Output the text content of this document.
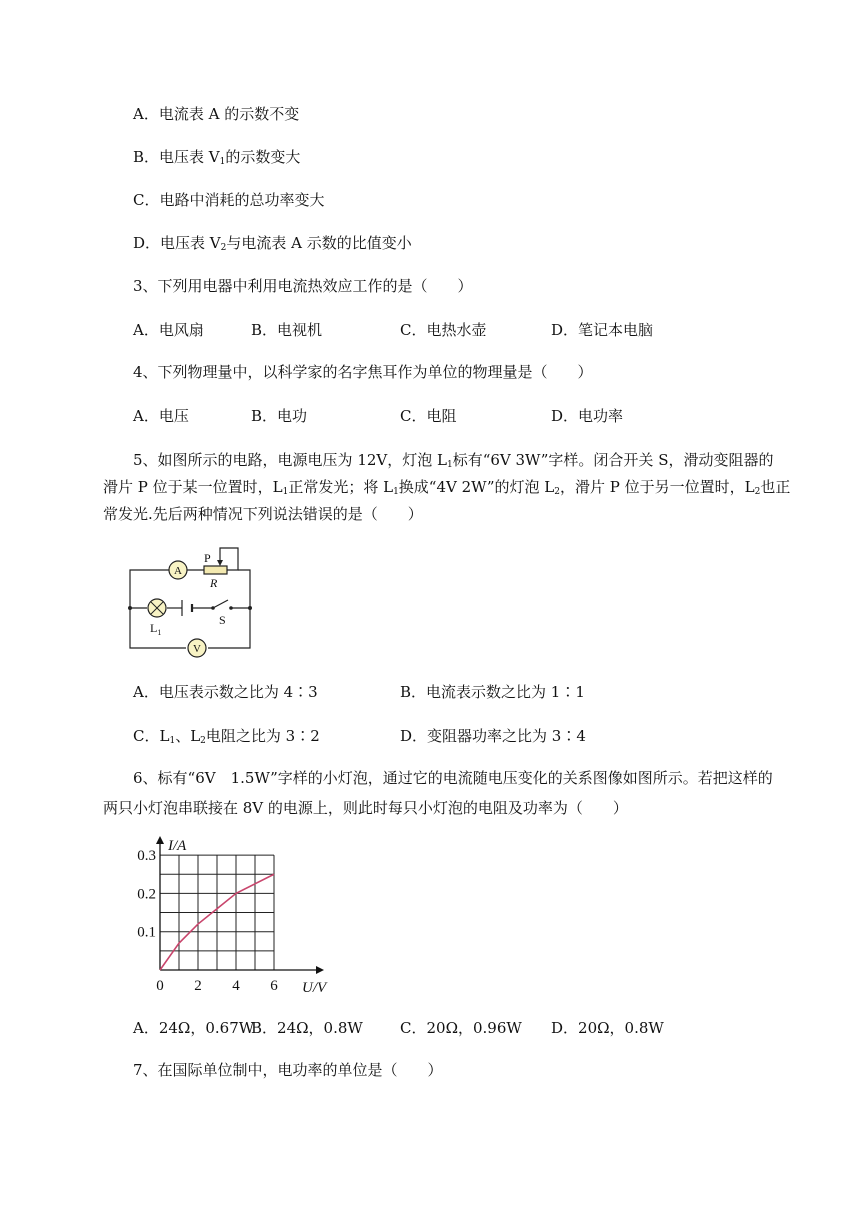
A．电流表 A 的示数不变
B．电压表 $V_1$的示数变大
C．电路中消耗的总功率变大
D．电压表 $V_2$与电流表 A 示数的比值变小
3、下列用电器中利用电流热效应工作的是（　　）
A．电风扇	B．电视机	C．电热水壶	D．笔记本电脑
4、下列物理量中，以科学家的名字焦耳作为单位的物理量是（　　）
A．电压	B．电功	C．电阻	D．电功率
5、如图所示的电路，电源电压为 12V，灯泡 $L_1$标有“6V 3W”字样。闭合开关 S，滑动变阻器的
滑片 P 位于某一位置时，$L_1$正常发光；将 $L_1$换成“4V 2W”的灯泡 $L_2$，滑片 P 位于另一位置时，$L_2$也正
常发光.先后两种情况下列说法错误的是（　　）
A
P
R
$L_1$
S
V
A．电压表示数之比为 4∶3	B．电流表示数之比为 1∶1
C．$L_1$、$L_2$电阻之比为 3∶2	D．变阻器功率之比为 3∶4
6、标有“6V　1.5W”字样的小灯泡，通过它的电流随电压变化的关系图像如图所示。若把这样的
两只小灯泡串联接在 8V 的电源上，则此时每只小灯泡的电阻及功率为（　　）
0 2 4 6
0.1
0.2
0.3
I/A
U/V
A．24Ω，0.67W
B．24Ω，0.8W C．20Ω，0.96W D．20Ω，0.8W
7、在国际单位制中，电功率的单位是（　　）
